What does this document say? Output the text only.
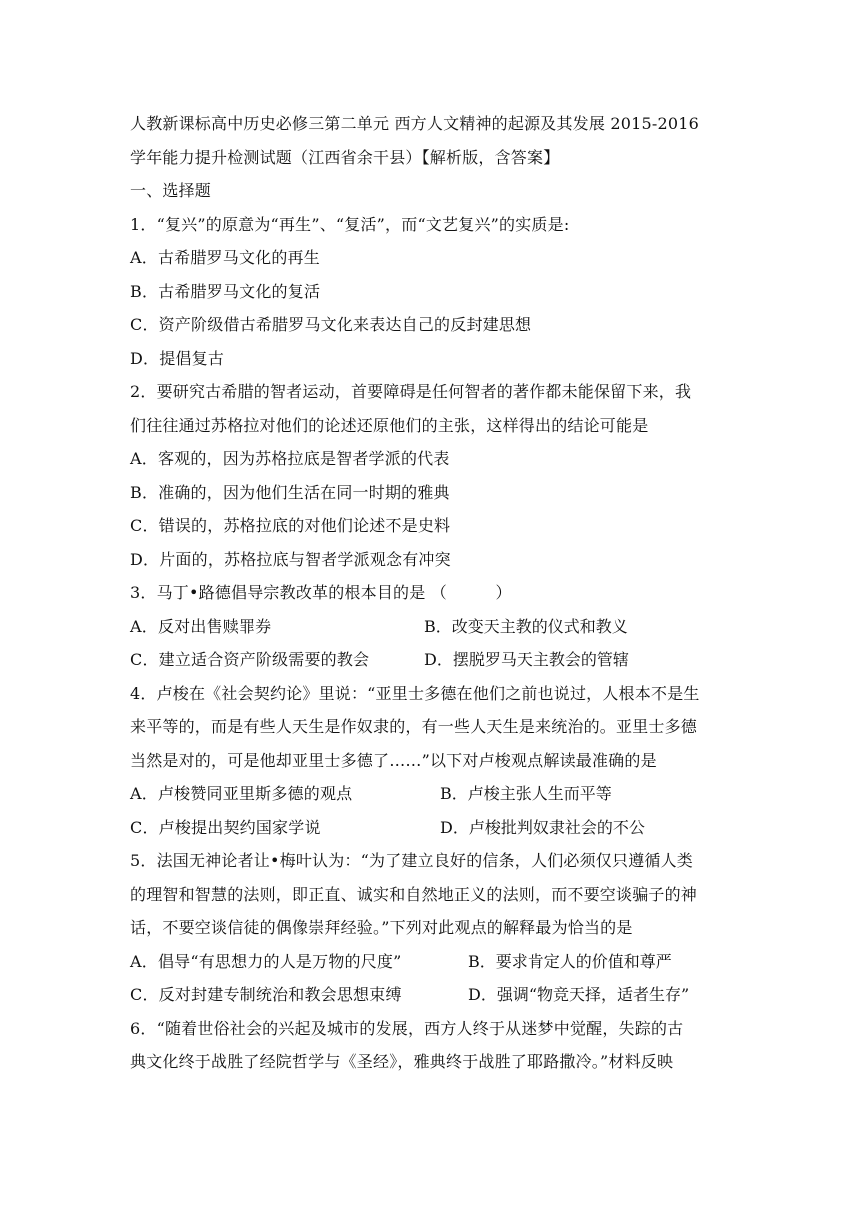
人教新课标高中历史必修三第二单元 西方人文精神的起源及其发展 2015-2016
学年能力提升检测试题（江西省余干县）【解析版，含答案】
一、选择题
1．“复兴”的原意为“再生”、“复活”，而“文艺复兴”的实质是:
A．古希腊罗马文化的再生
B．古希腊罗马文化的复活
C．资产阶级借古希腊罗马文化来表达自己的反封建思想
D．提倡复古
2．要研究古希腊的智者运动，首要障碍是任何智者的著作都未能保留下来，我
们往往通过苏格拉对他们的论述还原他们的主张，这样得出的结论可能是
A．客观的，因为苏格拉底是智者学派的代表
B．准确的，因为他们生活在同一时期的雅典
C．错误的，苏格拉底的对他们论述不是史料
D．片面的，苏格拉底与智者学派观念有冲突
3．马丁•路德倡导宗教改革的根本目的是 （　　　）
A．反对出售赎罪券	B．改变天主教的仪式和教义
C．建立适合资产阶级需要的教会	D．摆脱罗马天主教会的管辖
4．卢梭在《社会契约论》里说：“亚里士多德在他们之前也说过，人根本不是生
来平等的，而是有些人天生是作奴隶的，有一些人天生是来统治的。亚里士多德
当然是对的，可是他却亚里士多德了……”以下对卢梭观点解读最准确的是
A．卢梭赞同亚里斯多德的观点	B．卢梭主张人生而平等
C．卢梭提出契约国家学说	D．卢梭批判奴隶社会的不公
5．法国无神论者让•梅叶认为：“为了建立良好的信条，人们必须仅只遵循人类
的理智和智慧的法则，即正直、诚实和自然地正义的法则，而不要空谈骗子的神
话，不要空谈信徒的偶像崇拜经验。”下列对此观点的解释最为恰当的是
A．倡导“有思想力的人是万物的尺度”	B．要求肯定人的价值和尊严
C．反对封建专制统治和教会思想束缚	D．强调“物竞天择，适者生存”
6．“随着世俗社会的兴起及城市的发展，西方人终于从迷梦中觉醒，失踪的古
典文化终于战胜了经院哲学与《圣经》，雅典终于战胜了耶路撒冷。”材料反映
